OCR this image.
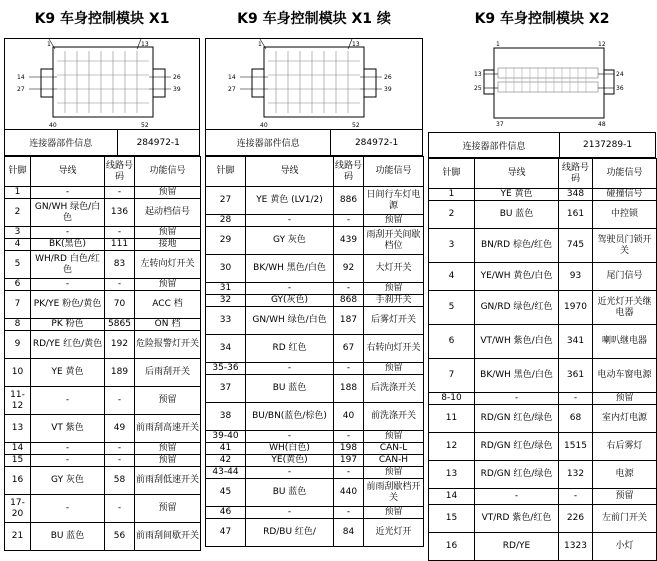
K9 车身控制模块 X1
1	13
14
27
26
39
40	52
连接器部件信息	284972-1
针脚	导线	线路号码	功能信号
1	-	-	预留
2	GN/WH 绿色/白色	136	起动档信号
3	-	-	预留
4	BK(黑色)	111	接地
5	WH/RD 白色/红色	83	左转向灯开关
6	-	-	预留
7	PK/YE 粉色/黄色	70	ACC 档
8	PK 粉色	5865	ON 档
9	RD/YE 红色/黄色	192	危险报警灯开关
10	YE 黄色	189	后雨刮开关
11-12	-	-	预留
13	VT 紫色	49	前雨刮高速开关
14	-	-	预留
15	-	-	预留
16	GY 灰色	58	前雨刮低速开关
17-20	-	-	预留
21	BU 蓝色	56	前雨刮间歇开关
K9 车身控制模块 X1 续
1	13
14
27
26
39
40	52
连接器部件信息	284972-1
针脚	导线	线路号码	功能信号
27	YE 黄色 (LV1/2)	886	日间行车灯电源
28	-	-	预留
29	GY 灰色	439	雨刮开关间歇档位
30	BK/WH 黑色/白色	92	大灯开关
31	-	-	预留
32	GY(灰色)	868	手刹开关
33	GN/WH 绿色/白色	187	后雾灯开关
34	RD 红色	67	右转向灯开关
35-36	-	-	预留
37	BU 蓝色	188	后洗涤开关
38	BU/BN(蓝色/棕色)	40	前洗涤开关
39-40	-	-	预留
41	WH(白色)	198	CAN-L
42	YE(黄色)	197	CAN-H
43-44	-	-	预留
45	BU 蓝色	440	前雨刮歇档开关
46	-	-	预留
47	RD/BU 红色/	84	近光灯开
K9 车身控制模块 X2
1	12
13
25
24
36
37	48
连接器部件信息	2137289-1
针脚	导线	线路号码	功能信号
1	YE 黄色	348	碰撞信号
2	BU 蓝色	161	中控锁
3	BN/RD 棕色/红色	745	驾驶员门锁开关
4	YE/WH 黄色/白色	93	尾门信号
5	GN/RD 绿色/红色	1970	近光灯开关继电器
6	VT/WH 紫色/白色	341	喇叭继电器
7	BK/WH 黑色/白色	361	电动车窗电源
8-10	-	-	预留
11	RD/GN 红色/绿色	68	室内灯电源
12	RD/GN 红色/绿色	1515	右后雾灯
13	RD/GN 红色/绿色	132	电源
14	-	-	预留
15	VT/RD 紫色/红色	226	左前门开关
16	RD/YE	1323	小灯
